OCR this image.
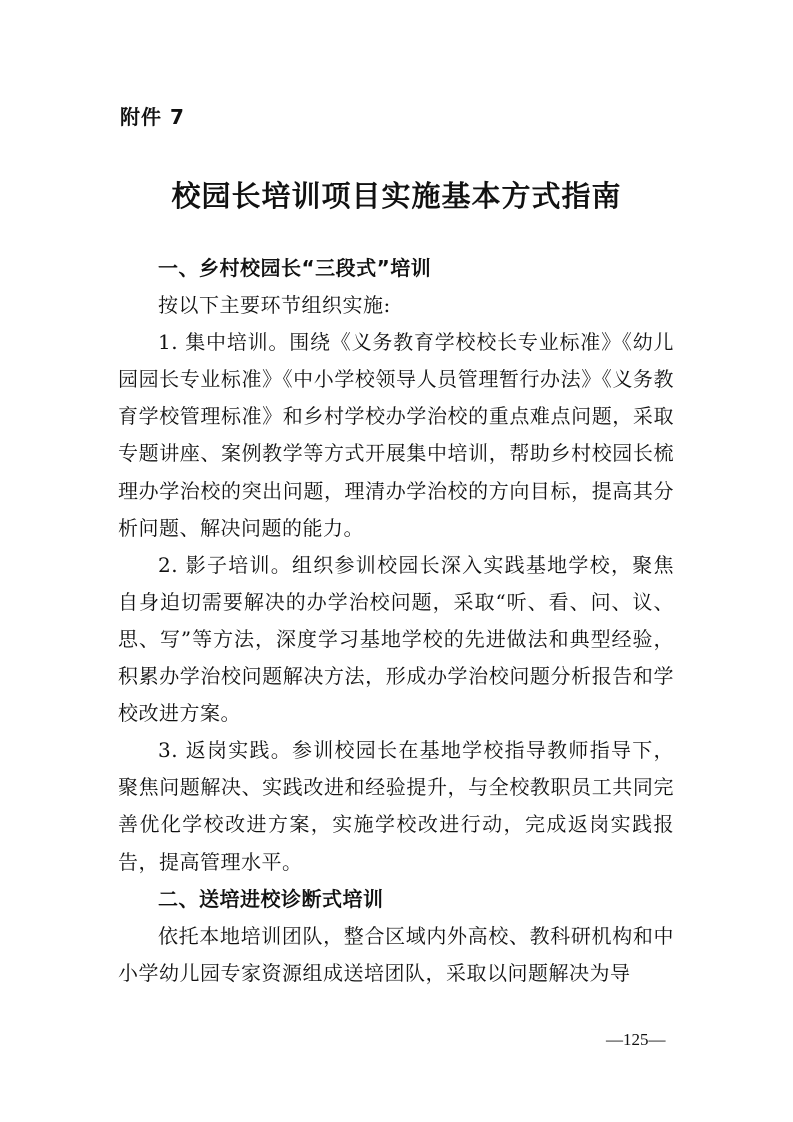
附件 7
校园长培训项目实施基本方式指南
一、乡村校园长“三段式”培训

按以下主要环节组织实施:

1. 集中培训。围绕《义务教育学校校长专业标准》《幼儿园园长专业标准》《中小学校领导人员管理暂行办法》《义务教育学校管理标准》和乡村学校办学治校的重点难点问题，采取专题讲座、案例教学等方式开展集中培训，帮助乡村校园长梳理办学治校的突出问题，理清办学治校的方向目标，提高其分析问题、解决问题的能力。

2. 影子培训。组织参训校园长深入实践基地学校，聚焦自身迫切需要解决的办学治校问题，采取“听、看、问、议、思、写”等方法，深度学习基地学校的先进做法和典型经验，积累办学治校问题解决方法，形成办学治校问题分析报告和学校改进方案。

3. 返岗实践。参训校园长在基地学校指导教师指导下，聚焦问题解决、实践改进和经验提升，与全校教职员工共同完善优化学校改进方案，实施学校改进行动，完成返岗实践报告，提高管理水平。

二、送培进校诊断式培训

依托本地培训团队，整合区域内外高校、教科研机构和中小学幼儿园专家资源组成送培团队，采取以问题解决为导

—125—
